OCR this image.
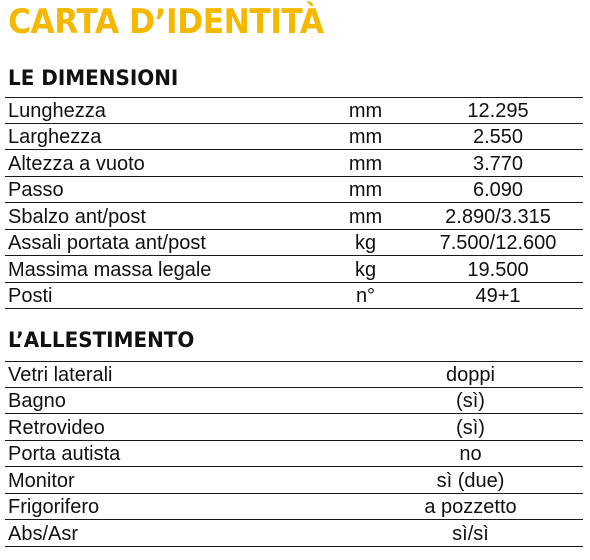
CARTA D’IDENTITÀ
LE DIMENSIONI
Lunghezza	mm	12.295
Larghezza	mm	2.550
Altezza a vuoto	mm	3.770
Passo	mm	6.090
Sbalzo ant/post	mm	2.890/3.315
Assali portata ant/post	kg	7.500/12.600
Massima massa legale	kg	19.500
Posti	n°	49+1
L’ALLESTIMENTO
Vetri laterali	doppi
Bagno	(sì)
Retrovideo	(sì)
Porta autista	no
Monitor	sì (due)
Frigorifero	a pozzetto
Abs/Asr	sì/sì
